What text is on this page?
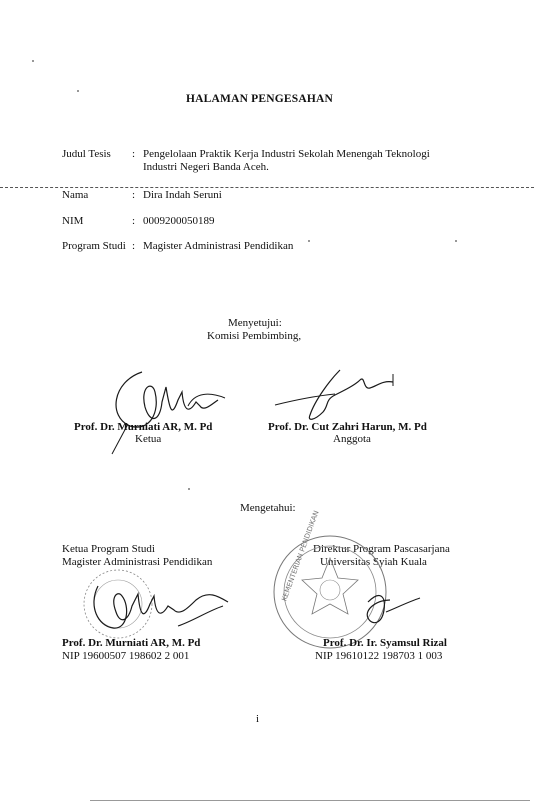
HALAMAN PENGESAHAN
Judul Tesis : Pengelolaan Praktik Kerja Industri Sekolah Menengah Teknologi
Industri Negeri Banda Aceh.
Nama	: Dira Indah Seruni
NIM	: 0009200050189
Program Studi : Magister Administrasi Pendidikan
Menyetujui:
Komisi Pembimbing,
Prof. Dr. Murniati AR, M. Pd
Ketua
Prof. Dr. Cut Zahri Harun, M. Pd
Anggota
Mengetahui:
Ketua Program Studi
Magister Administrasi Pendidikan
Prof. Dr. Murniati AR, M. Pd
NIP 19600507 198602 2 001
Direktur Program Pascasarjana
Universitas Syiah Kuala
KEMENTERIAN PENDIDIKAN
Prof. Dr. Ir. Syamsul Rizal
NIP 19610122 198703 1 003
i
